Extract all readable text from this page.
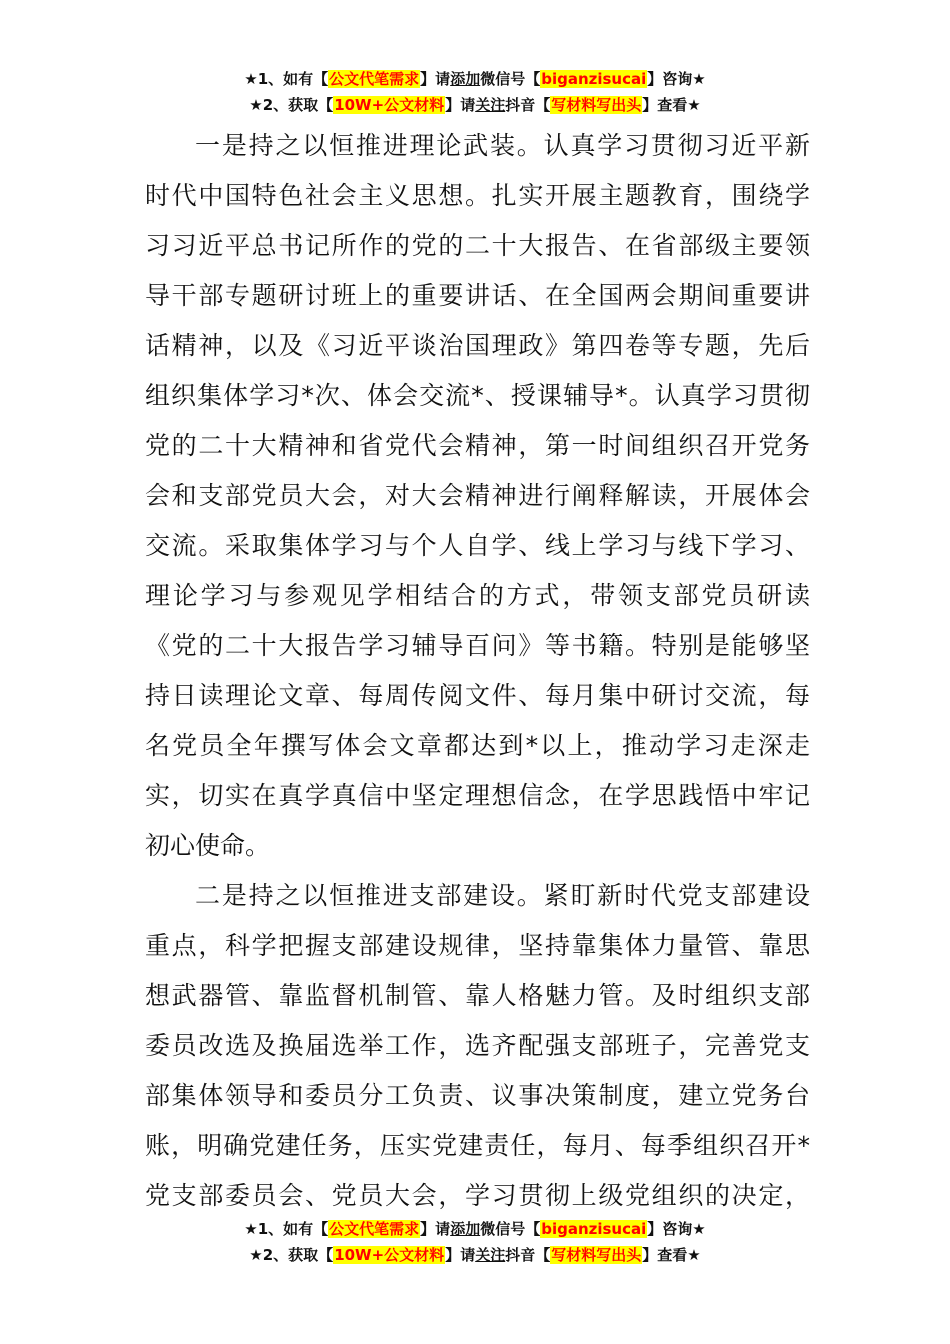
★1、如有【公文代笔需求】请添加微信号【biganzisucai】咨询★
★2、获取【10W+公文材料】请关注抖音【写材料写出头】查看★
一是持之以恒推进理论武装。认真学习贯彻习近平新
时代中国特色社会主义思想。扎实开展主题教育，围绕学
习习近平总书记所作的党的二十大报告、在省部级主要领
导干部专题研讨班上的重要讲话、在全国两会期间重要讲
话精神，以及《习近平谈治国理政》第四卷等专题，先后
组织集体学习*次、体会交流*、授课辅导*。认真学习贯彻
党的二十大精神和省党代会精神，第一时间组织召开党务
会和支部党员大会，对大会精神进行阐释解读，开展体会
交流。采取集体学习与个人自学、线上学习与线下学习、
理论学习与参观见学相结合的方式，带领支部党员研读
《党的二十大报告学习辅导百问》等书籍。特别是能够坚
持日读理论文章、每周传阅文件、每月集中研讨交流，每
名党员全年撰写体会文章都达到*以上，推动学习走深走
实，切实在真学真信中坚定理想信念，在学思践悟中牢记
初心使命。
二是持之以恒推进支部建设。紧盯新时代党支部建设
重点，科学把握支部建设规律，坚持靠集体力量管、靠思
想武器管、靠监督机制管、靠人格魅力管。及时组织支部
委员改选及换届选举工作，选齐配强支部班子，完善党支
部集体领导和委员分工负责、议事决策制度，建立党务台
账，明确党建任务，压实党建责任，每月、每季组织召开*
党支部委员会、党员大会，学习贯彻上级党组织的决定，
★1、如有【公文代笔需求】请添加微信号【biganzisucai】咨询★
★2、获取【10W+公文材料】请关注抖音【写材料写出头】查看★
